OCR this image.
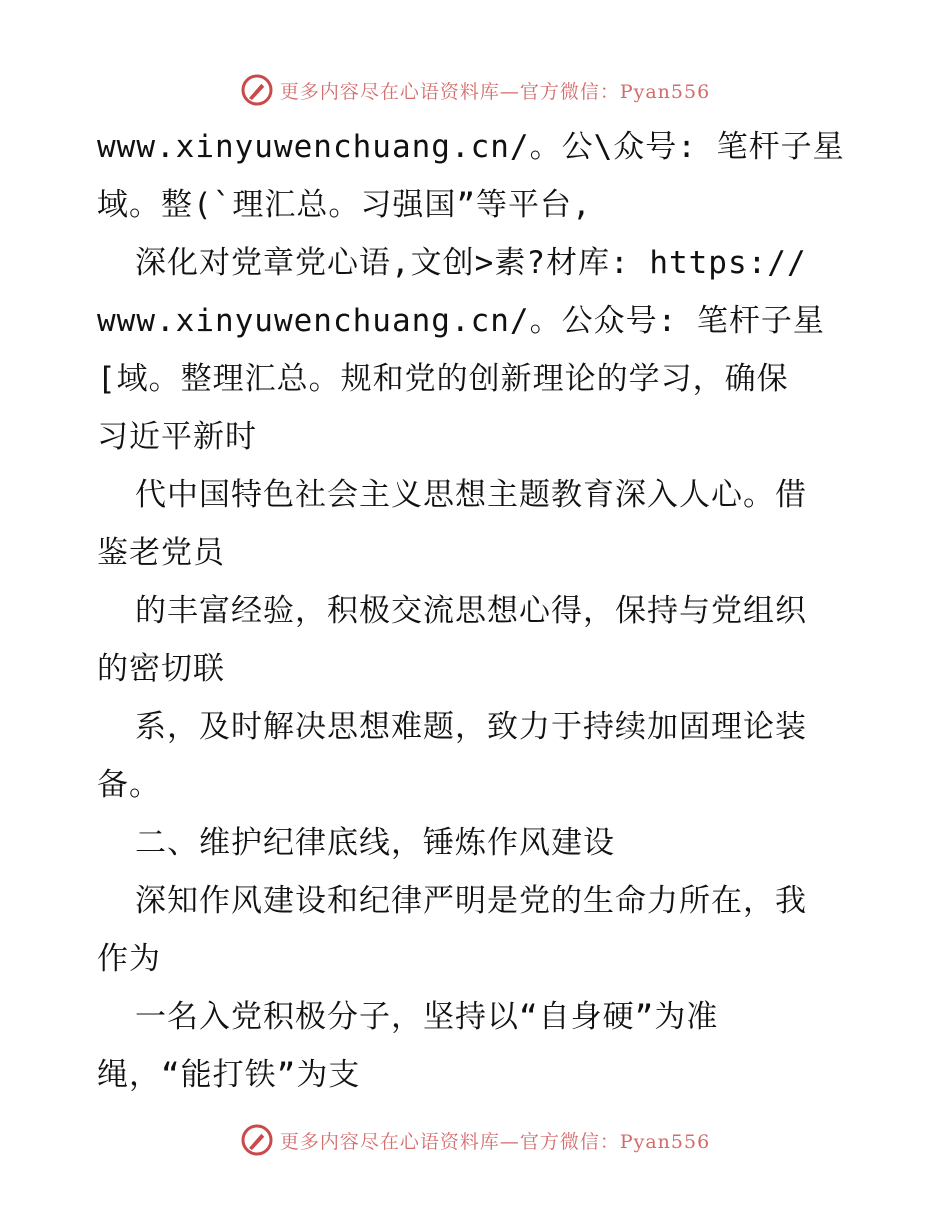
更多内容尽在心语资料库—官方微信：Pyan556
www.xinyuwenchuang.cn/。公\众号: 笔杆子星
域。整(`理汇总。习强国”等平台,
深化对党章党心语,文创>素?材库: https://
www.xinyuwenchuang.cn/。公众号: 笔杆子星
[域。整理汇总。规和党的创新理论的学习，确保
习近平新时
代中国特色社会主义思想主题教育深入人心。借
鉴老党员
的丰富经验，积极交流思想心得，保持与党组织
的密切联
系，及时解决思想难题，致力于持续加固理论装
备。
二、维护纪律底线，锤炼作风建设
深知作风建设和纪律严明是党的生命力所在，我
作为
一名入党积极分子，坚持以“自身硬”为准
绳，“能打铁”为支
更多内容尽在心语资料库—官方微信：Pyan556
